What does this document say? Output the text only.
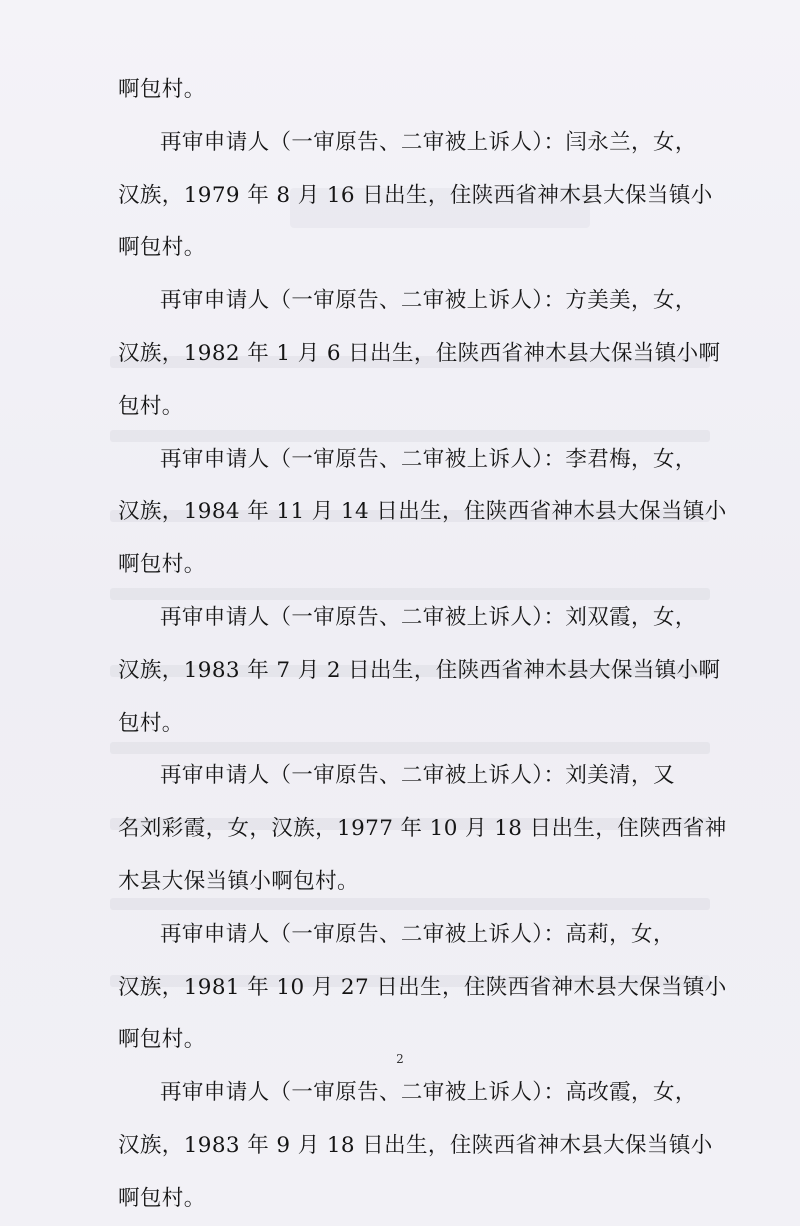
啊包村。
再审申请人（一审原告、二审被上诉人）：闫永兰，女，
汉族，1979 年 8 月 16 日出生，住陕西省神木县大保当镇小
啊包村。
再审申请人（一审原告、二审被上诉人）：方美美，女，
汉族，1982 年 1 月 6 日出生，住陕西省神木县大保当镇小啊
包村。
再审申请人（一审原告、二审被上诉人）：李君梅，女，
汉族，1984 年 11 月 14 日出生，住陕西省神木县大保当镇小
啊包村。
再审申请人（一审原告、二审被上诉人）：刘双霞，女，
汉族，1983 年 7 月 2 日出生，住陕西省神木县大保当镇小啊
包村。
再审申请人（一审原告、二审被上诉人）：刘美清，又
名刘彩霞，女，汉族，1977 年 10 月 18 日出生，住陕西省神
木县大保当镇小啊包村。
再审申请人（一审原告、二审被上诉人）：高莉，女，
汉族，1981 年 10 月 27 日出生，住陕西省神木县大保当镇小
啊包村。
再审申请人（一审原告、二审被上诉人）：高改霞，女，
汉族，1983 年 9 月 18 日出生，住陕西省神木县大保当镇小
啊包村。
2
